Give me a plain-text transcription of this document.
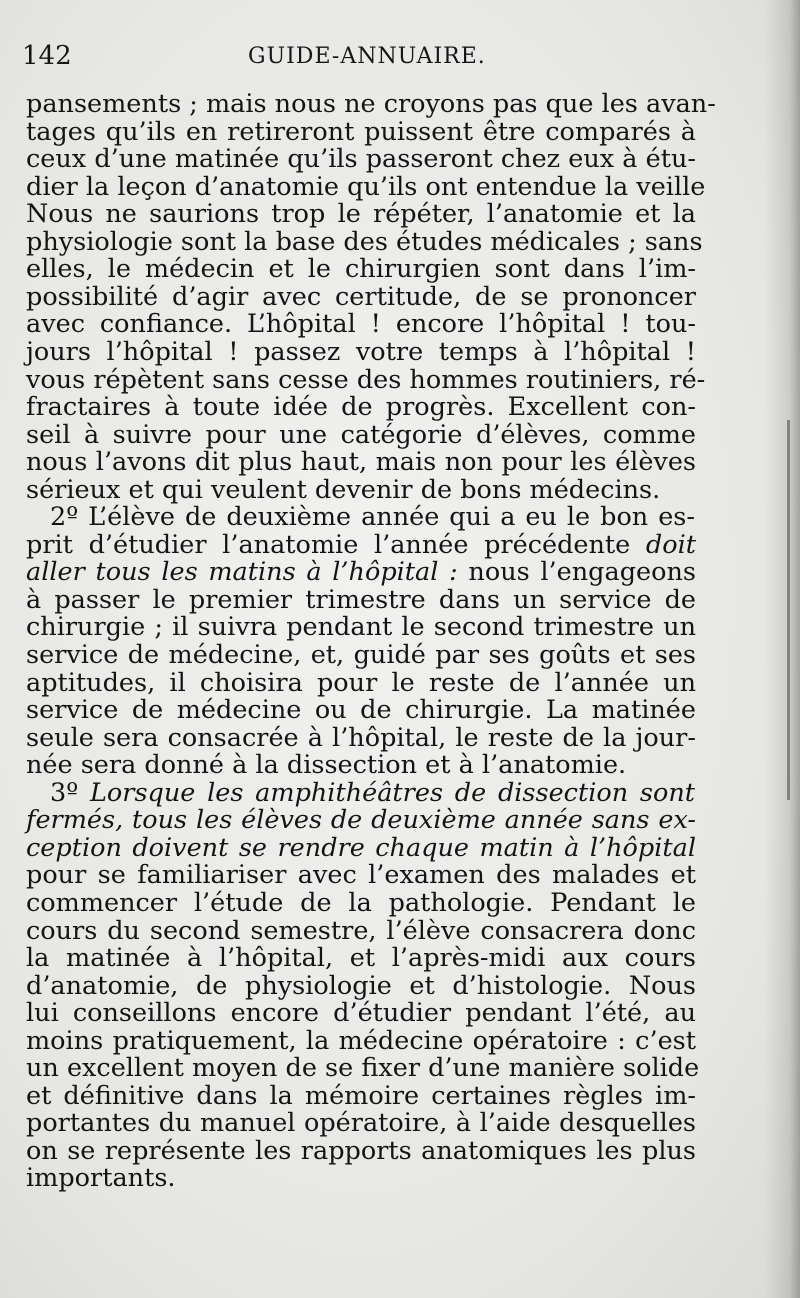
142	GUIDE-ANNUAIRE.
pansements ; mais nous ne croyons pas que les avan-
tages qu’ils en retireront puissent être comparés à
ceux d’une matinée qu’ils passeront chez eux à étu-
dier la leçon d’anatomie qu’ils ont entendue la veille
Nous ne saurions trop le répéter, l’anatomie et la
physiologie sont la base des études médicales ; sans
elles, le médecin et le chirurgien sont dans l’im-
possibilité d’agir avec certitude, de se prononcer
avec confiance. L’hôpital ! encore l’hôpital ! tou-
jours l’hôpital ! passez votre temps à l’hôpital !
vous répètent sans cesse des hommes routiniers, ré-
fractaires à toute idée de progrès. Excellent con-
seil à suivre pour une catégorie d’élèves, comme
nous l’avons dit plus haut, mais non pour les élèves
sérieux et qui veulent devenir de bons médecins.
2º L’élève de deuxième année qui a eu le bon es-
prit d’étudier l’anatomie l’année précédente doit
aller tous les matins à l’hôpital : nous l’engageons
à passer le premier trimestre dans un service de
chirurgie ; il suivra pendant le second trimestre un
service de médecine, et, guidé par ses goûts et ses
aptitudes, il choisira pour le reste de l’année un
service de médecine ou de chirurgie. La matinée
seule sera consacrée à l’hôpital, le reste de la jour-
née sera donné à la dissection et à l’anatomie.
3º Lorsque les amphithéâtres de dissection sont
fermés, tous les élèves de deuxième année sans ex-
ception doivent se rendre chaque matin à l’hôpital
pour se familiariser avec l’examen des malades et
commencer l’étude de la pathologie. Pendant le
cours du second semestre, l’élève consacrera donc
la matinée à l’hôpital, et l’après-midi aux cours
d’anatomie, de physiologie et d’histologie. Nous
lui conseillons encore d’étudier pendant l’été, au
moins pratiquement, la médecine opératoire : c’est
un excellent moyen de se fixer d’une manière solide
et définitive dans la mémoire certaines règles im-
portantes du manuel opératoire, à l’aide desquelles
on se représente les rapports anatomiques les plus
importants.
